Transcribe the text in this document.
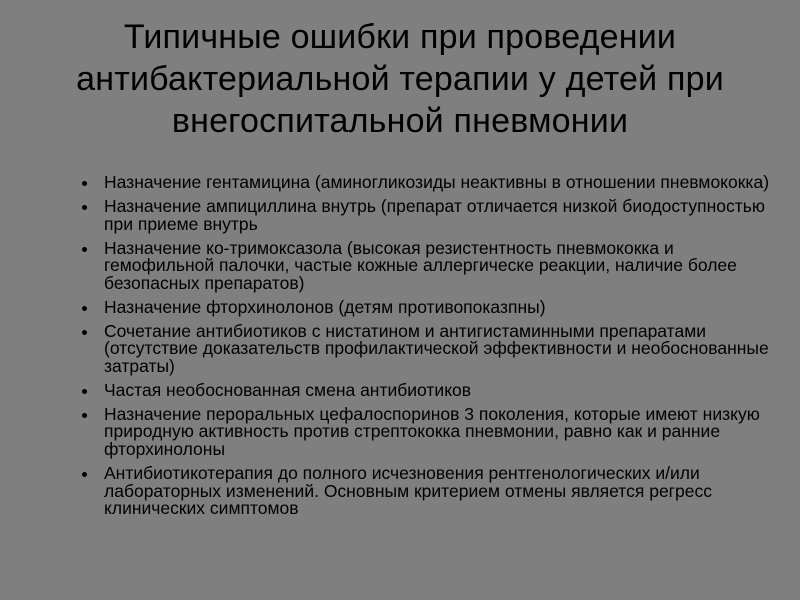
Типичные ошибки при проведении антибактериальной терапии у детей при внегоспитальной пневмонии
Назначение гентамицина (аминогликозиды неактивны в отношении пневмококка)
Назначение ампициллина внутрь (препарат отличается низкой биодоступностью при приеме внутрь
Назначение ко-тримоксазола (высокая резистентность пневмококка и гемофильной палочки, частые кожные аллергическе реакции, наличие более безопасных препаратов)
Назначение фторхинолонов (детям противопоказпны)
Сочетание антибиотиков с нистатином и антигистаминными препаратами (отсутствие доказательств профилактической эффективности и необоснованные затраты)
Частая необоснованная смена антибиотиков
Назначение пероральных цефалоспоринов 3 поколения, которые имеют низкую природную активность против стрептококка пневмонии, равно как и ранние фторхинолоны
Антибиотикотерапия до полного исчезновения рентгенологических и/или лабораторных изменений. Основным критерием отмены является регресс клинических симптомов
